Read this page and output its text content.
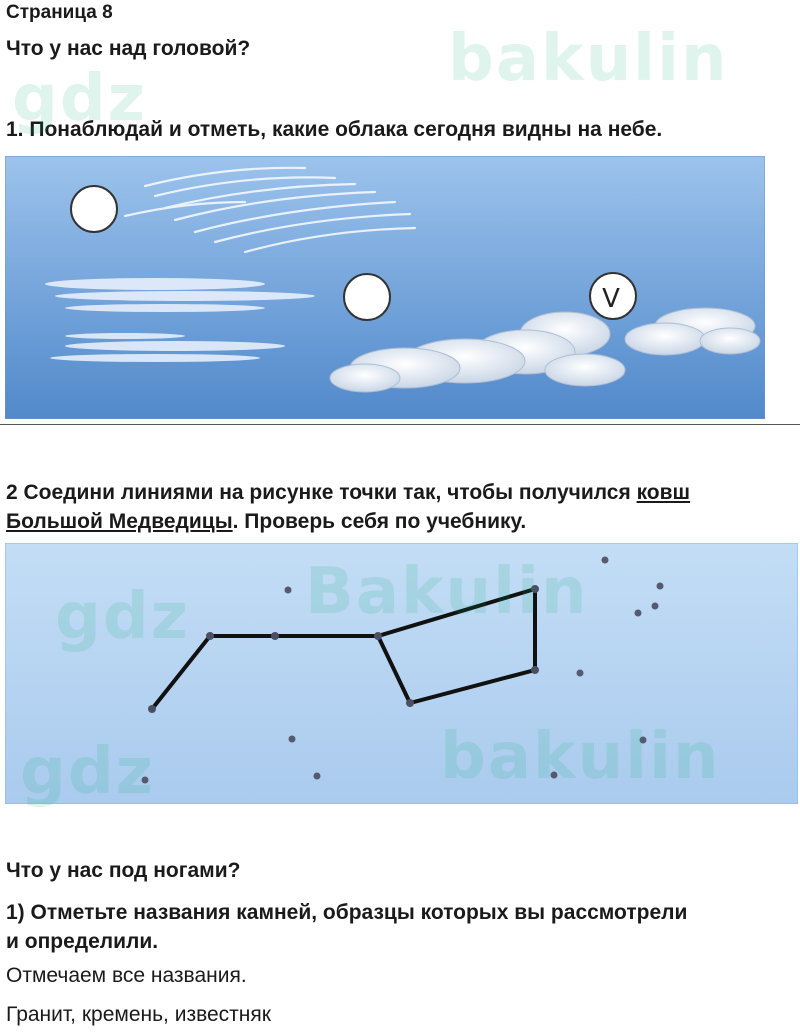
Страница 8
Что у нас над головой?
1. Понаблюдай и отметь, какие облака сегодня видны на небе.
V
2 Соедини линиями на рисунке точки так, чтобы получился ковш
Большой Медведицы. Проверь себя по учебнику.
Что у нас под ногами?
1) Отметьте названия камней, образцы которых вы рассмотрели
и определили.
Отмечаем все названия.
Гранит, кремень, известняк
bakulin
gdz
